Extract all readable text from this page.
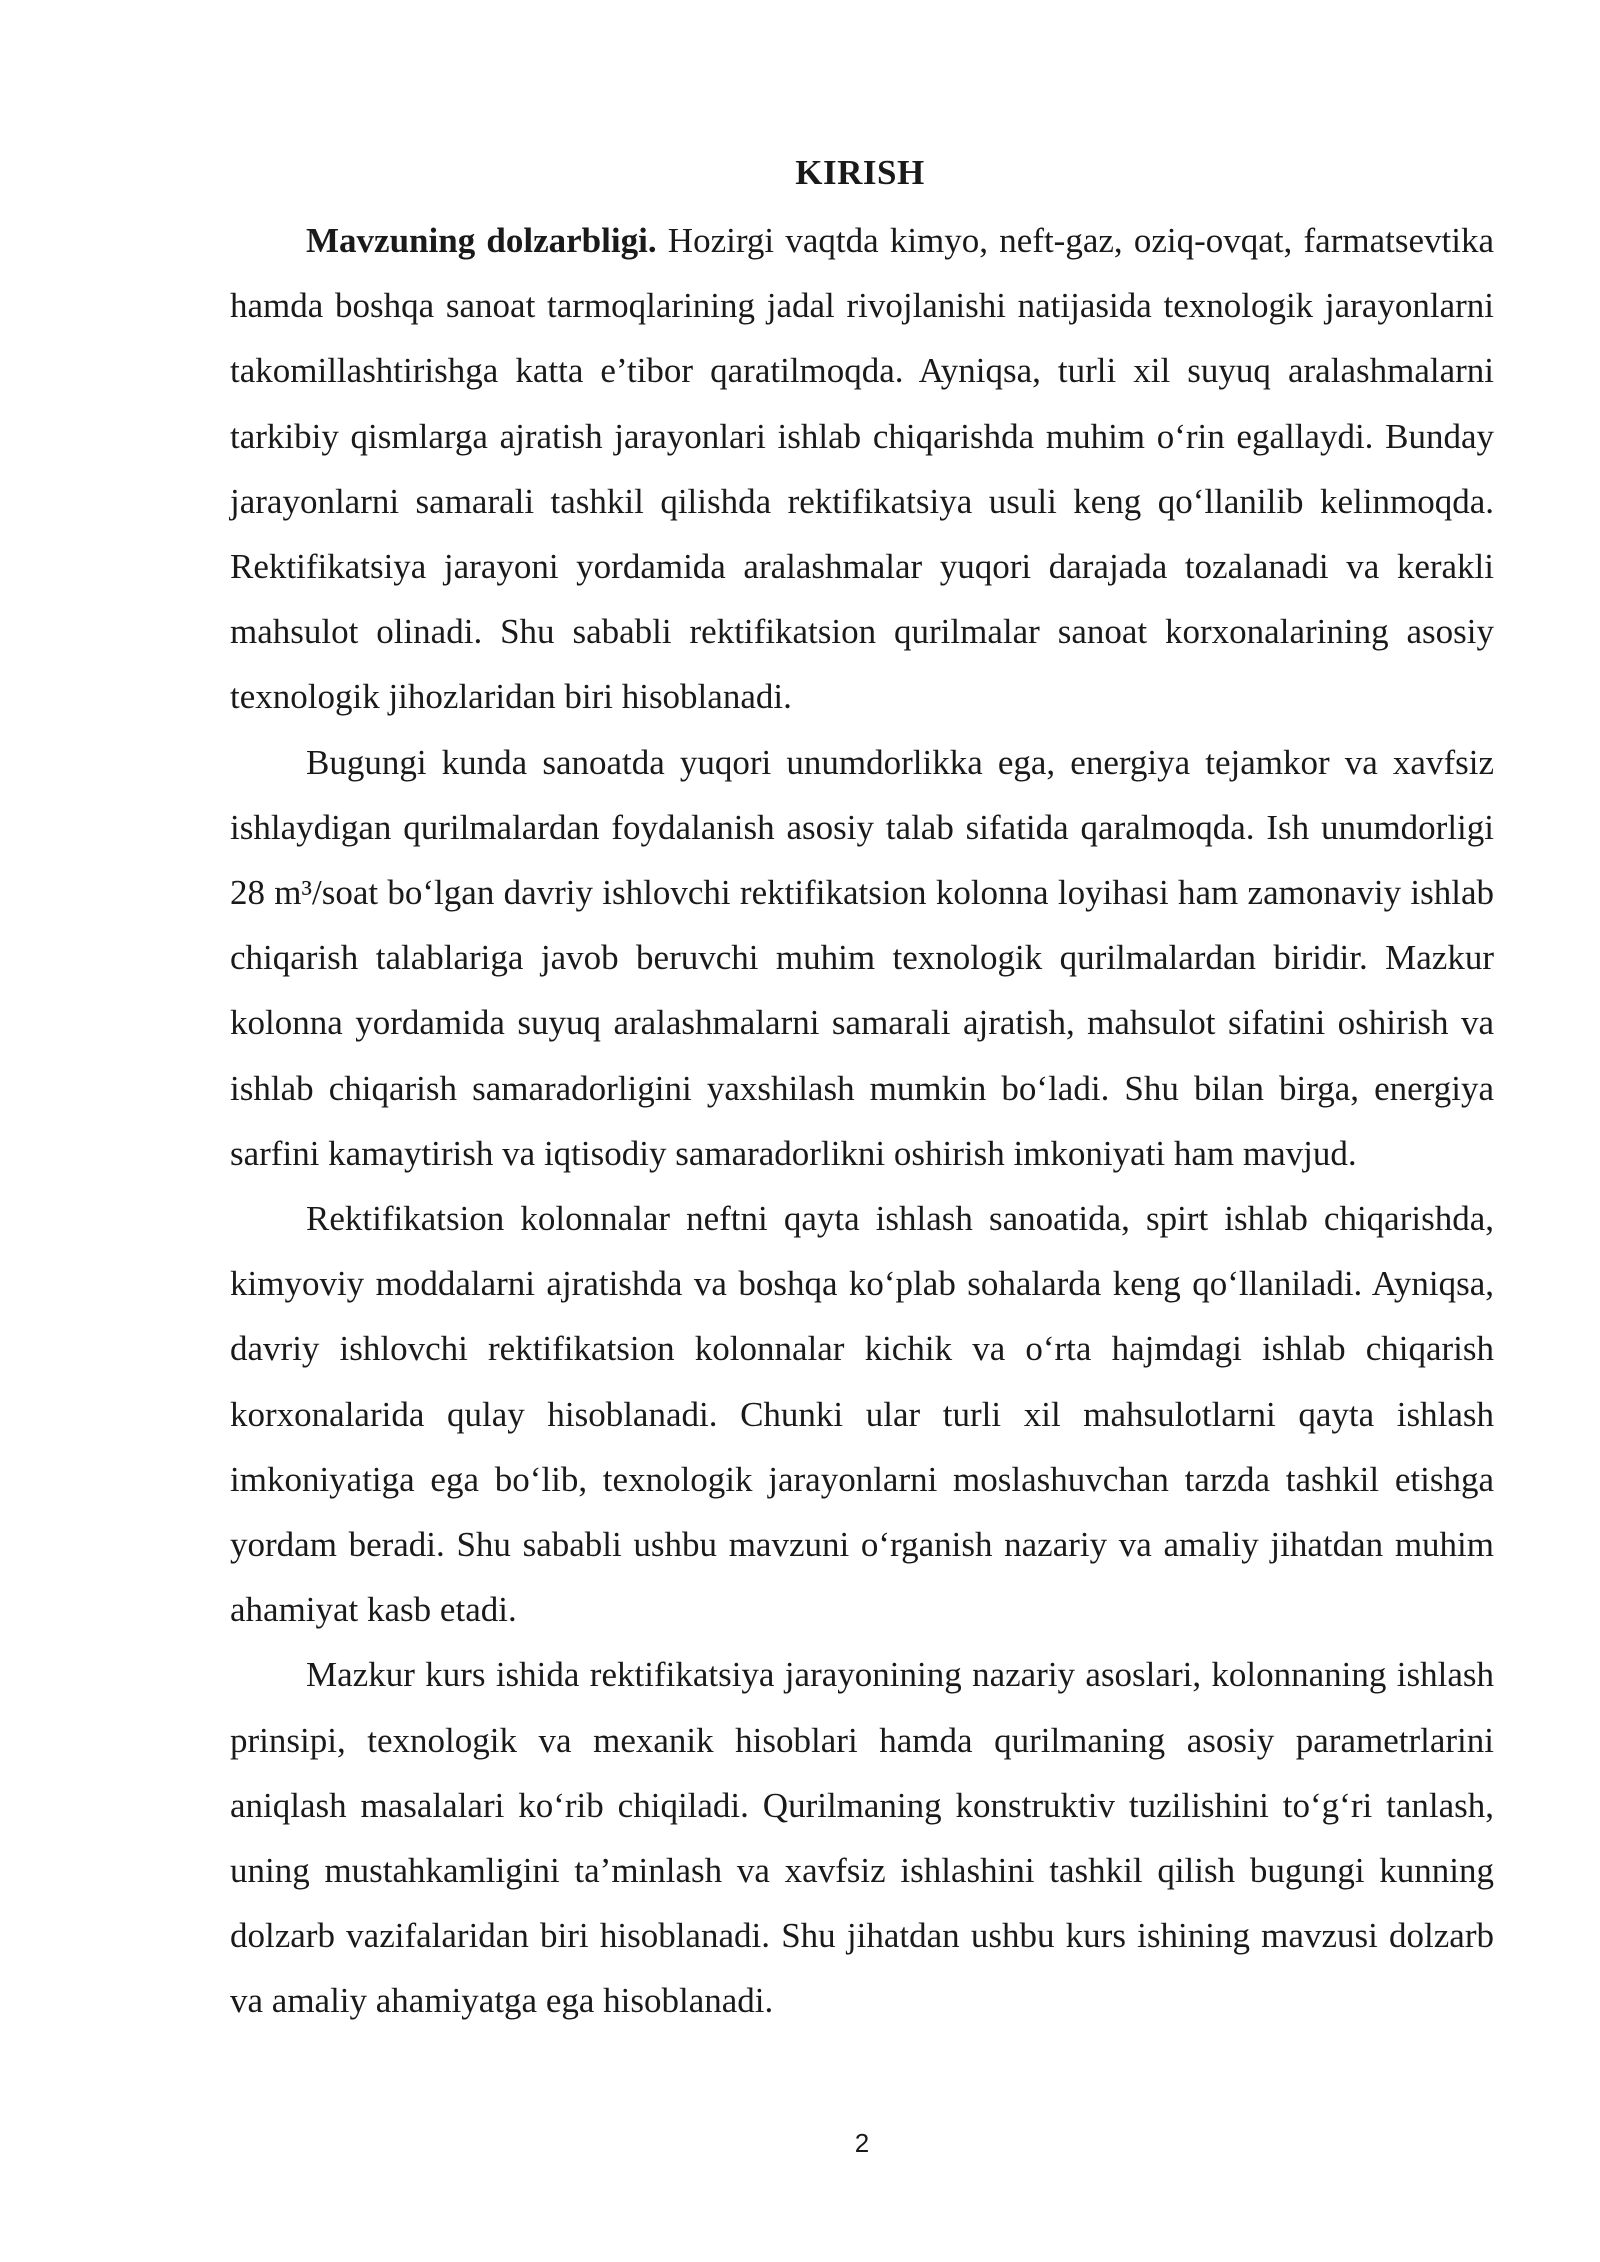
KIRISH

Mavzuning dolzarbligi. Hozirgi vaqtda kimyo, neft-gaz, oziq-ovqat, farmatsevtika hamda boshqa sanoat tarmoqlarining jadal rivojlanishi natijasida texnologik jarayonlarni takomillashtirishga katta e’tibor qaratilmoqda. Ayniqsa, turli xil suyuq aralashmalarni tarkibiy qismlarga ajratish jarayonlari ishlab chiqarishda muhim o‘rin egallaydi. Bunday jarayonlarni samarali tashkil qilishda rektifikatsiya usuli keng qo‘llanilib kelinmoqda. Rektifikatsiya jarayoni yordamida aralashmalar yuqori darajada tozalanadi va kerakli mahsulot olinadi. Shu sababli rektifikatsion qurilmalar sanoat korxonalarining asosiy texnologik jihozlaridan biri hisoblanadi.

Bugungi kunda sanoatda yuqori unumdorlikka ega, energiya tejamkor va xavfsiz ishlaydigan qurilmalardan foydalanish asosiy talab sifatida qaralmoqda. Ish unumdorligi 28 m³/soat bo‘lgan davriy ishlovchi rektifikatsion kolonna loyihasi ham zamonaviy ishlab chiqarish talablariga javob beruvchi muhim texnologik qurilmalardan biridir. Mazkur kolonna yordamida suyuq aralashmalarni samarali ajratish, mahsulot sifatini oshirish va ishlab chiqarish samaradorligini yaxshilash mumkin bo‘ladi. Shu bilan birga, energiya sarfini kamaytirish va iqtisodiy samaradorlikni oshirish imkoniyati ham mavjud.

Rektifikatsion kolonnalar neftni qayta ishlash sanoatida, spirt ishlab chiqarishda, kimyoviy moddalarni ajratishda va boshqa ko‘plab sohalarda keng qo‘llaniladi. Ayniqsa, davriy ishlovchi rektifikatsion kolonnalar kichik va o‘rta hajmdagi ishlab chiqarish korxonalarida qulay hisoblanadi. Chunki ular turli xil mahsulotlarni qayta ishlash imkoniyatiga ega bo‘lib, texnologik jarayonlarni moslashuvchan tarzda tashkil etishga yordam beradi. Shu sababli ushbu mavzuni o‘rganish nazariy va amaliy jihatdan muhim ahamiyat kasb etadi.

Mazkur kurs ishida rektifikatsiya jarayonining nazariy asoslari, kolonnaning ishlash prinsipi, texnologik va mexanik hisoblari hamda qurilmaning asosiy parametrlarini aniqlash masalalari ko‘rib chiqiladi. Qurilmaning konstruktiv tuzilishini to‘g‘ri tanlash, uning mustahkamligini ta’minlash va xavfsiz ishlashini tashkil qilish bugungi kunning dolzarb vazifalaridan biri hisoblanadi. Shu jihatdan ushbu kurs ishining mavzusi dolzarb va amaliy ahamiyatga ega hisoblanadi.

2
